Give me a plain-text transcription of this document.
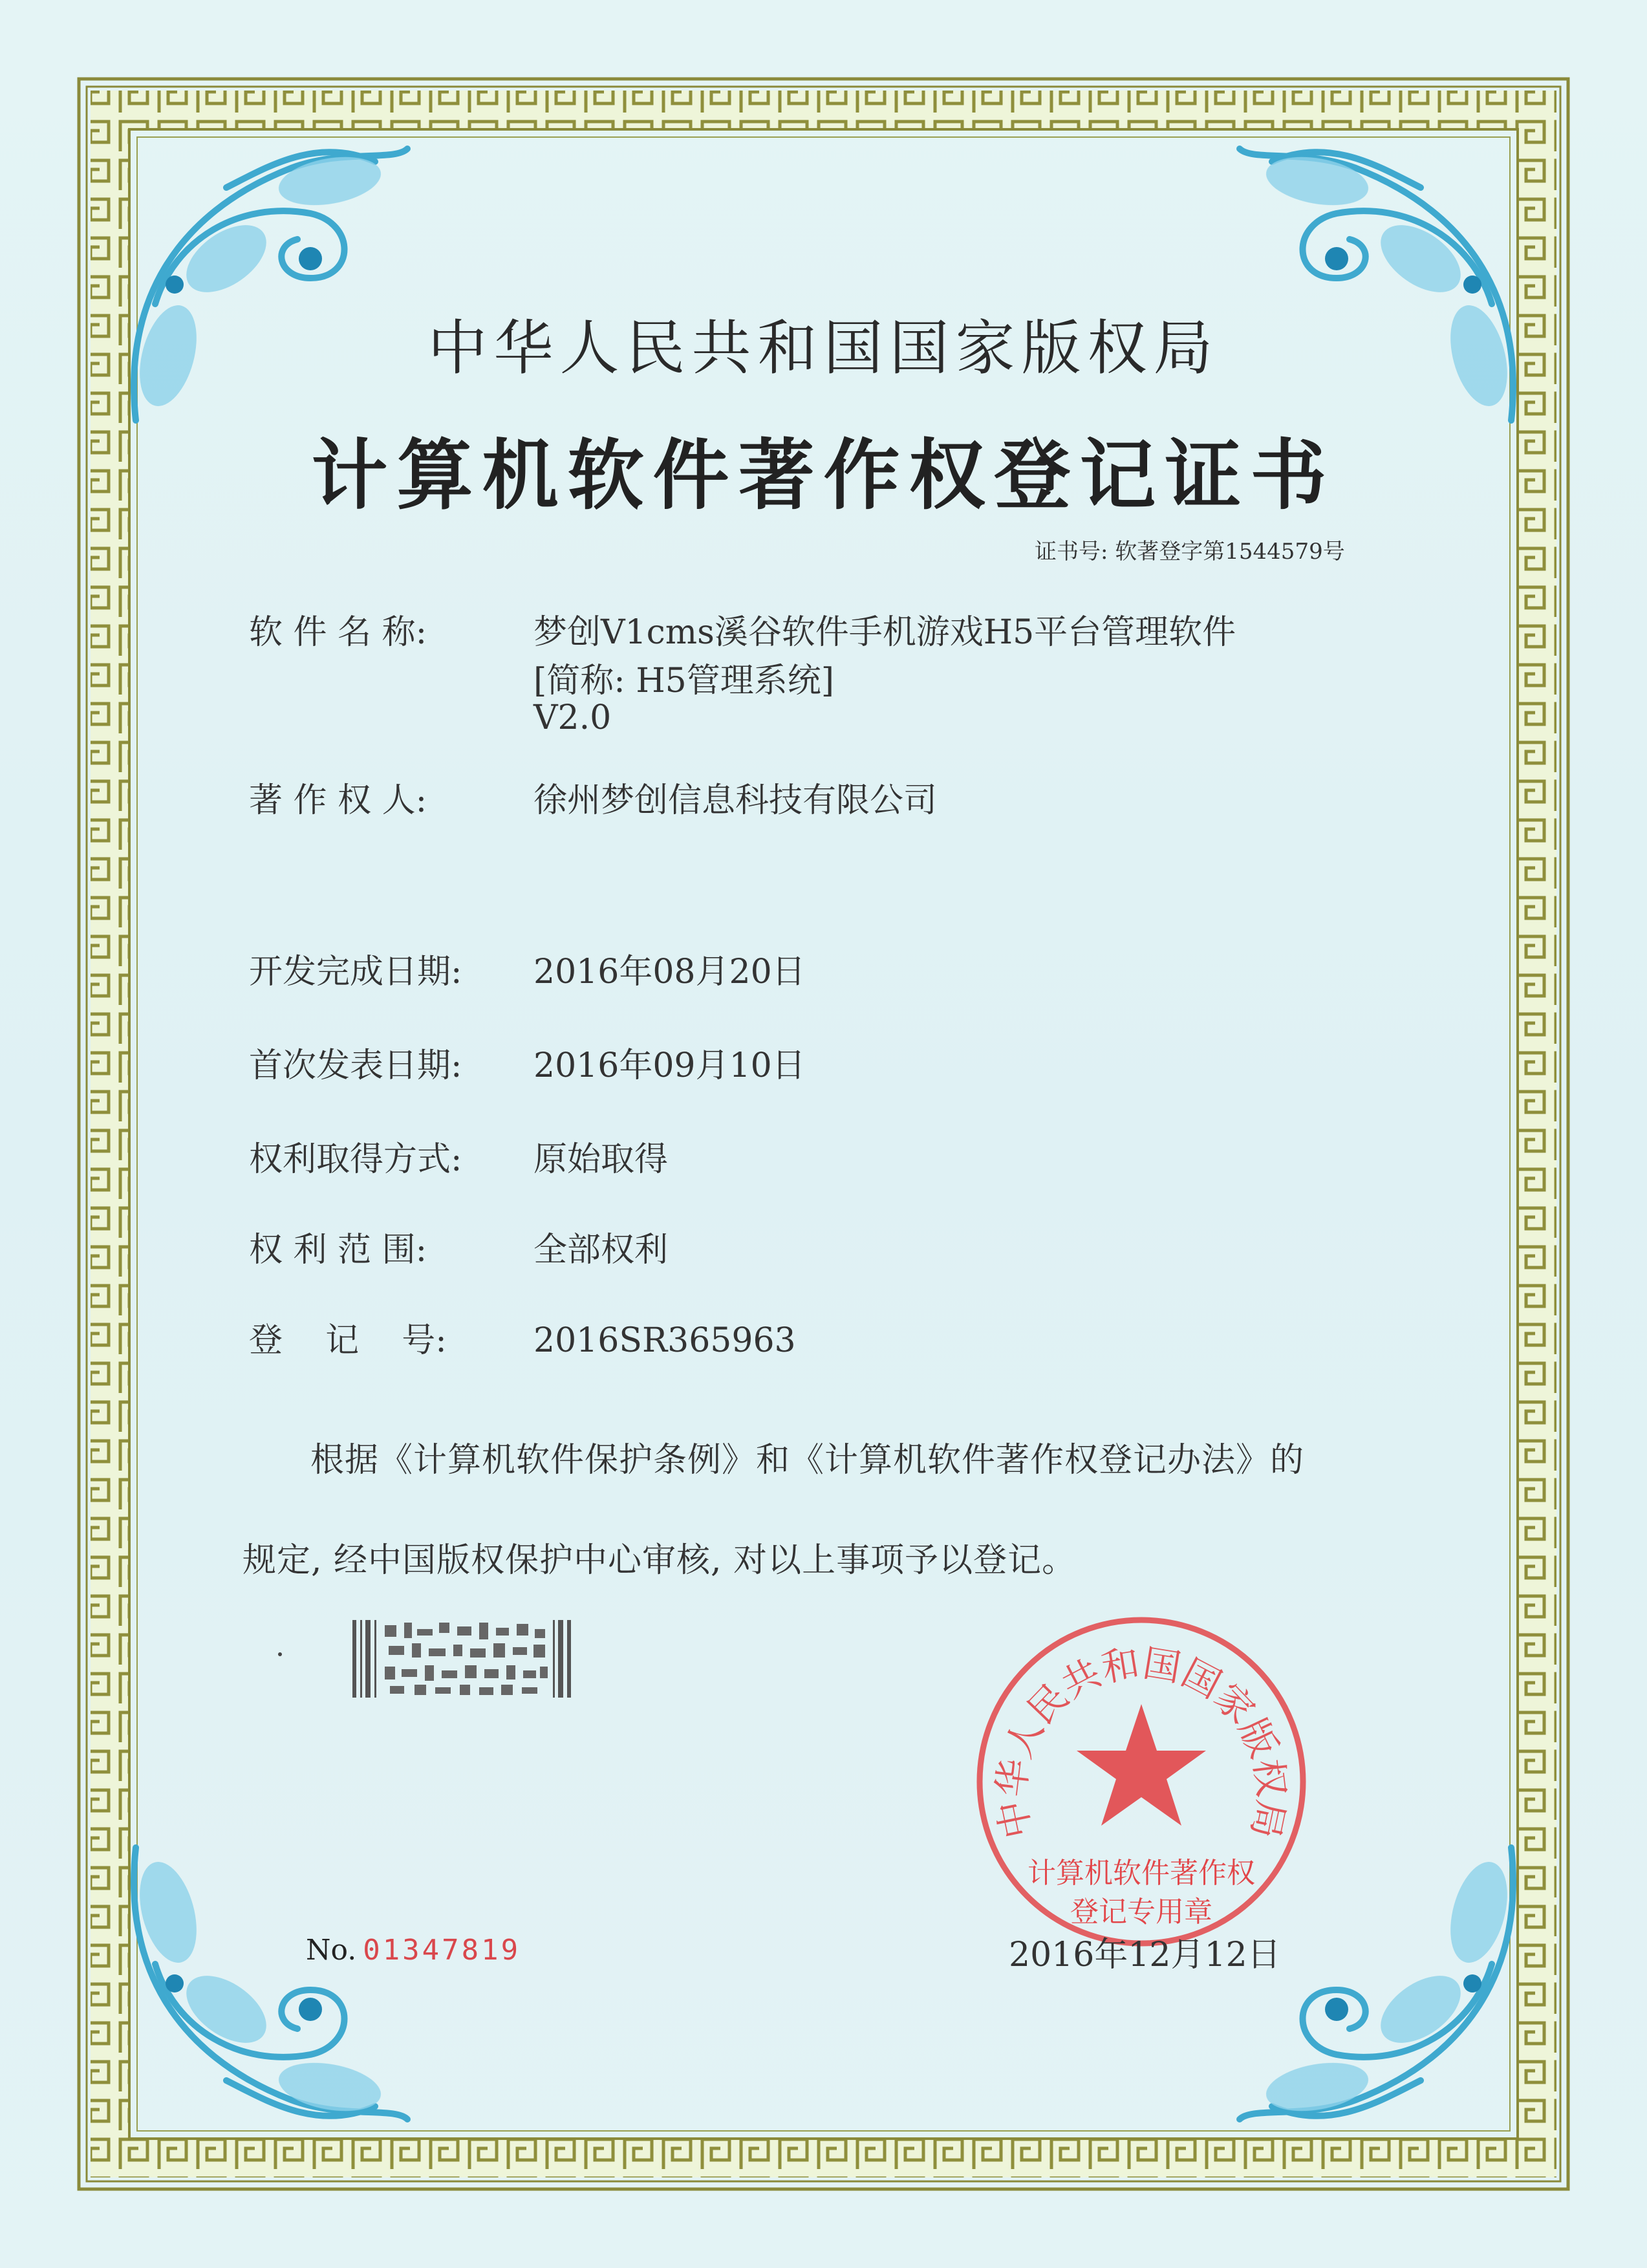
中华人民共和国国家版权局
计算机软件著作权登记证书
证书号: 软著登字第1544579号
软 件 名 称:	梦创V1cms溪谷软件手机游戏H5平台管理软件
[简称: H5管理系统]
V2.0
著 作 权 人:	徐州梦创信息科技有限公司
开发完成日期: 2016年08月20日
首次发表日期: 2016年09月10日
权利取得方式: 原始取得
权 利 范 围:	全部权利
登    记    号:	2016SR365963
根据《计算机软件保护条例》和《计算机软件著作权登记办法》的
规定, 经中国版权保护中心审核, 对以上事项予以登记。
No. 01347819
中华人民共和国国家版权局
计算机软件著作权
登记专用章
2016年12月12日
